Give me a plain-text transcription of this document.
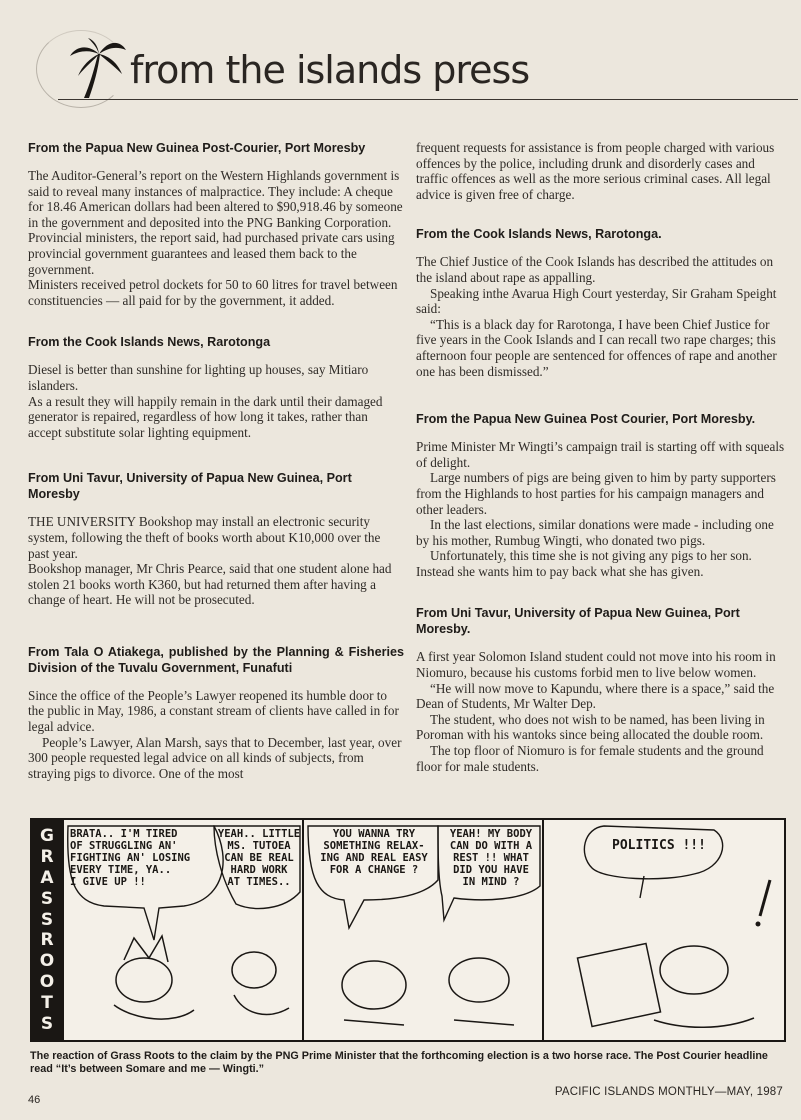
from the islands press
From the Papua New Guinea Post-Courier, Port Moresby

The Auditor-General’s report on the Western Highlands government is said to reveal many instances of malpractice. They include: A cheque for 18.46 American dollars had been altered to $90,918.46 by someone in the government and deposited into the PNG Banking Corporation.

Provincial ministers, the report said, had purchased private cars using provincial government guarantees and leased them back to the government.

Ministers received petrol dockets for 50 to 60 litres for travel between constituencies — all paid for by the government, it added.

From the Cook Islands News, Rarotonga

Diesel is better than sunshine for lighting up houses, say Mitiaro islanders.

As a result they will happily remain in the dark until their damaged generator is repaired, regardless of how long it takes, rather than accept substitute solar lighting equipment.

From Uni Tavur, University of Papua New Guinea, Port Moresby

THE UNIVERSITY Bookshop may install an electronic security system, following the theft of books worth about K10,000 over the past year.

Bookshop manager, Mr Chris Pearce, said that one student alone had stolen 21 books worth K360, but had returned them after having a change of heart. He will not be prosecuted.

From Tala O Atiakega, published by the Planning & Fisheries Division of the Tuvalu Government, Funafuti

Since the office of the People’s Lawyer reopened its humble door to the public in May, 1986, a constant stream of clients have called in for legal advice.

People’s Lawyer, Alan Marsh, says that to December, last year, over 300 people requested legal advice on all kinds of subjects, from straying pigs to divorce. One of the most

frequent requests for assistance is from people charged with various offences by the police, including drunk and disorderly cases and traffic offences as well as the more serious criminal cases. All legal advice is given free of charge.

From the Cook Islands News, Rarotonga.

The Chief Justice of the Cook Islands has described the attitudes on the island about rape as appalling.

Speaking inthe Avarua High Court yesterday, Sir Graham Speight said:

“This is a black day for Rarotonga, I have been Chief Justice for five years in the Cook Islands and I can recall two rape charges; this afternoon four people are sentenced for offences of rape and another one has been dismissed.”

From the Papua New Guinea Post Courier, Port Moresby.

Prime Minister Mr Wingti’s campaign trail is starting off with squeals of delight.

Large numbers of pigs are being given to him by party supporters from the Highlands to host parties for his campaign managers and other leaders.

In the last elections, similar donations were made - including one by his mother, Rumbug Wingti, who donated two pigs.

Unfortunately, this time she is not giving any pigs to her son. Instead she wants him to pay back what she has given.

From Uni Tavur, University of Papua New Guinea, Port Moresby.

A first year Solomon Island student could not move into his room in Niomuro, because his customs forbid men to live below women.

“He will now move to Kapundu, where there is a space,” said the Dean of Students, Mr Walter Dep.

The student, who does not wish to be named, has been living in Poroman with his wantoks since being allocated the double room.

The top floor of Niomuro is for female students and the ground floor for male students.

G
R
A
S
S
R
O
O
T
S
BRATA.. I'M TIRED
OF STRUGGLING AN'
FIGHTING AN' LOSING
EVERY TIME, YA..
I GIVE UP !!
YEAH.. LITTLE
MS. TUTOEA
CAN BE REAL
HARD WORK
AT TIMES..
YOU WANNA TRY
SOMETHING RELAX-
ING AND REAL EASY
FOR A CHANGE ?
YEAH! MY BODY
CAN DO WITH A
REST !! WHAT
DID YOU HAVE
IN MIND ?
POLITICS !!!
The reaction of Grass Roots to the claim by the PNG Prime Minister that the forthcoming election is a two horse race. The Post Courier headline read “It’s between Somare and me — Wingti.”
46
PACIFIC ISLANDS MONTHLY—MAY, 1987
